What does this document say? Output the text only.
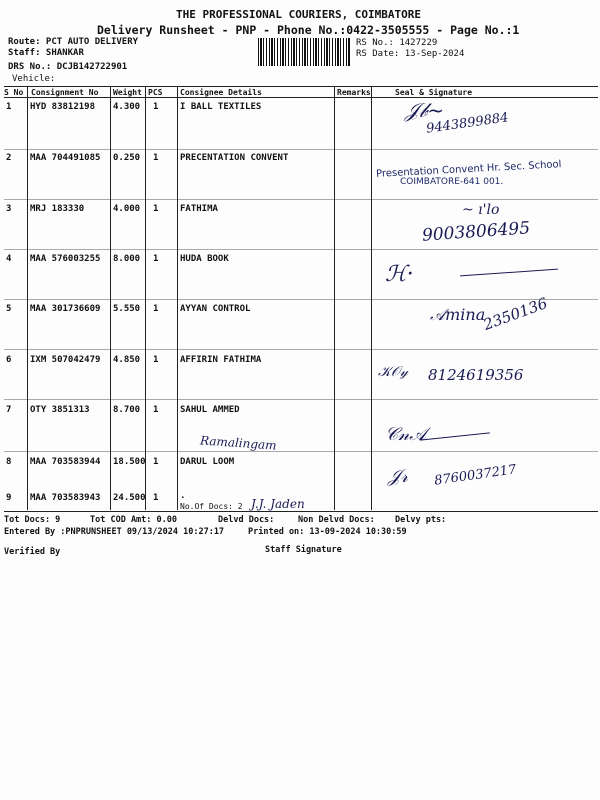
THE PROFESSIONAL COURIERS, COIMBATORE
Delivery Runsheet - PNP - Phone No.:0422-3505555 - Page No.:1
Route: PCT AUTO DELIVERY
Staff: SHANKAR
DRS No.: DCJB142722901
Vehicle:
RS No.: 1427229
RS Date: 13-Sep-2024
S No Consignment No Weight PCS Consignee Details	Remarks	Seal & Signature
1 HYD 83812198 4.300 1 I BALL TEXTILES
2 MAA 704491085 0.250 1 PRECENTATION CONVENT
3 MRJ 183330	4.000 1 FATHIMA
4 MAA 576003255 8.000 1 HUDA BOOK
5 MAA 301736609 5.550 1 AYYAN CONTROL
6 IXM 507042479 4.850 1 AFFIRIN FATHIMA
7 OTY 3851313	8.700 1 SAHUL AMMED
8 MAA 703583944 18.500 1 DARUL LOOM
9 MAA 703583943 24.500 1 .
No.Of Docs: 2
𝒥𝒷~
9443899884
Presentation Convent Hr. Sec. School
COIMBATORE-641 001.
~ ı'lo
9003806495
ℋ·
𝒜mina
2350136
𝒦𝒪𝓎 8124619356
𝒞𝓃𝒜
Ramalingam
𝒥𝓇 8760037217
J.J. Jaden
Tot Docs: 9	Tot COD Amt: 0.00	Delvd Docs:	Non Delvd Docs: Delvy pts:
Entered By :PNPRUNSHEET 09/13/2024 10:27:17	Printed on: 13-09-2024 10:30:59
Verified By	Staff Signature
